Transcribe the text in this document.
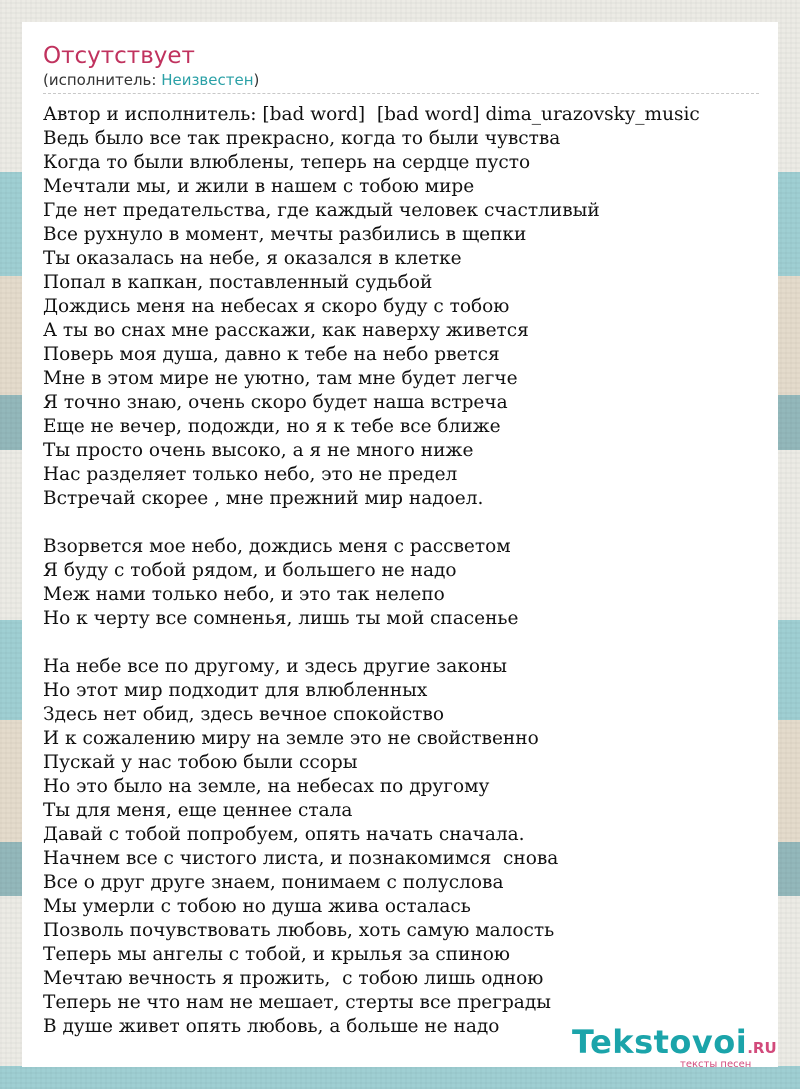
Отсутствует
(исполнитель: Неизвестен)
Автор и исполнитель: [bad word]  [bad word] dima_urazovsky_music
Ведь было все так прекрасно, когда то были чувства
Когда то были влюблены, теперь на сердце пусто
Мечтали мы, и жили в нашем с тобою мире
Где нет предательства, где каждый человек счастливый
Все рухнуло в момент, мечты разбились в щепки
Ты оказалась на небе, я оказался в клетке
Попал в капкан, поставленный судьбой
Дождись меня на небесах я скоро буду с тобою
А ты во снах мне расскажи, как наверху живется
Поверь моя душа, давно к тебе на небо рвется
Мне в этом мире не уютно, там мне будет легче
Я точно знаю, очень скоро будет наша встреча
Еще не вечер, подожди, но я к тебе все ближе
Ты просто очень высоко, а я не много ниже
Нас разделяет только небо, это не предел
Встречай скорее , мне прежний мир надоел.
Взорвется мое небо, дождись меня с рассветом
Я буду с тобой рядом, и большего не надо
Меж нами только небо, и это так нелепо
Но к черту все сомненья, лишь ты мой спасенье
На небе все по другому, и здесь другие законы
Но этот мир подходит для влюбленных
Здесь нет обид, здесь вечное спокойство
И к сожалению миру на земле это не свойственно
Пускай у нас тобою были ссоры
Но это было на земле, на небесах по другому
Ты для меня, еще ценнее стала
Давай с тобой попробуем, опять начать сначала.
Начнем все с чистого листа, и познакомимся  снова
Все о друг друге знаем, понимаем с полуслова
Мы умерли с тобою но душа жива осталась
Позволь почувствовать любовь, хоть самую малость
Теперь мы ангелы с тобой, и крылья за спиною
Мечтаю вечность я прожить,  с тобою лишь одною
Теперь не что нам не мешает, стерты все преграды
В душе живет опять любовь, а больше не надо	Tekstovoi.RU
тексты песен
